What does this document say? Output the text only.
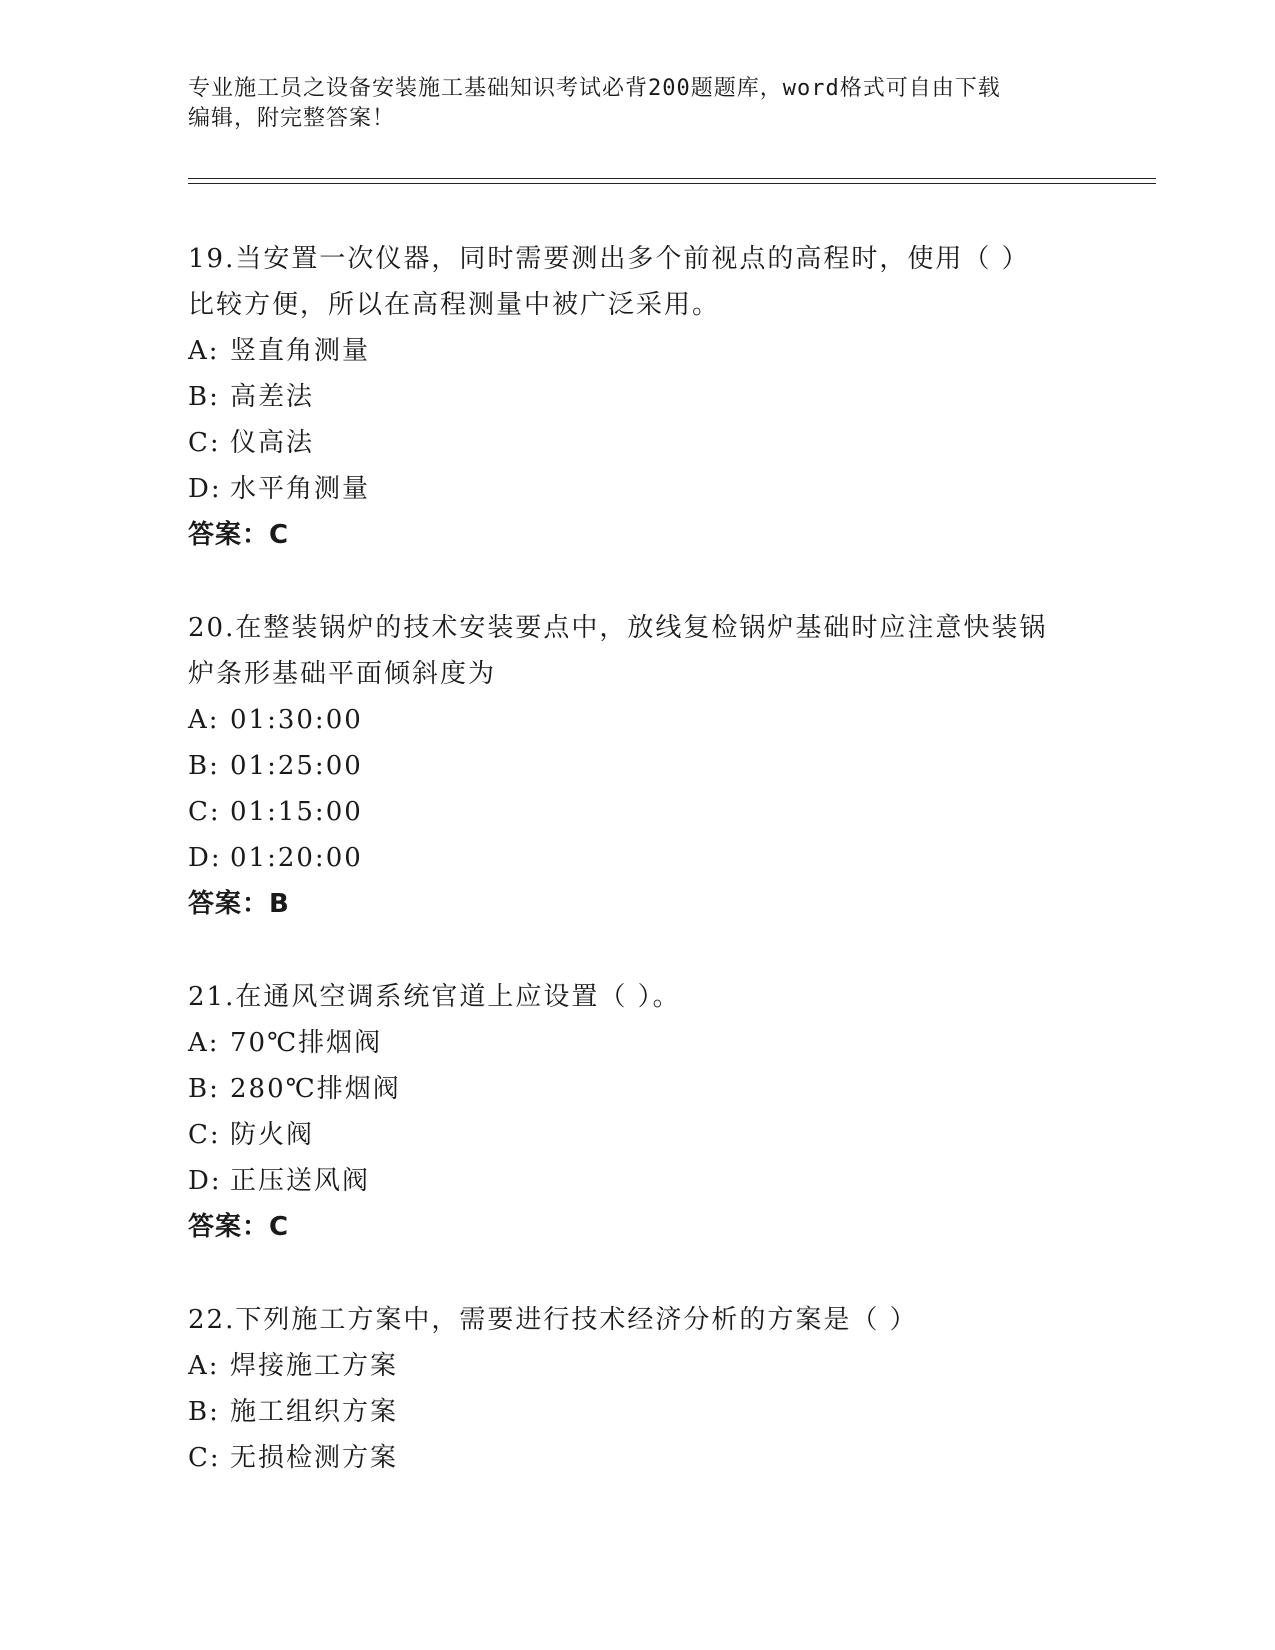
专业施工员之设备安装施工基础知识考试必背200题题库，word格式可自由下载
编辑，附完整答案！
19.当安置一次仪器，同时需要测出多个前视点的高程时，使用（ ）
比较方便，所以在高程测量中被广泛采用。
A: 竖直角测量
B: 高差法
C: 仪高法
D: 水平角测量
答案：C
20.在整装锅炉的技术安装要点中，放线复检锅炉基础时应注意快装锅
炉条形基础平面倾斜度为
A: 01:30:00
B: 01:25:00
C: 01:15:00
D: 01:20:00
答案：B
21.在通风空调系统官道上应设置（ ）。
A: 70℃排烟阀
B: 280℃排烟阀
C: 防火阀
D: 正压送风阀
答案：C
22.下列施工方案中，需要进行技术经济分析的方案是（ ）
A: 焊接施工方案
B: 施工组织方案
C: 无损检测方案
